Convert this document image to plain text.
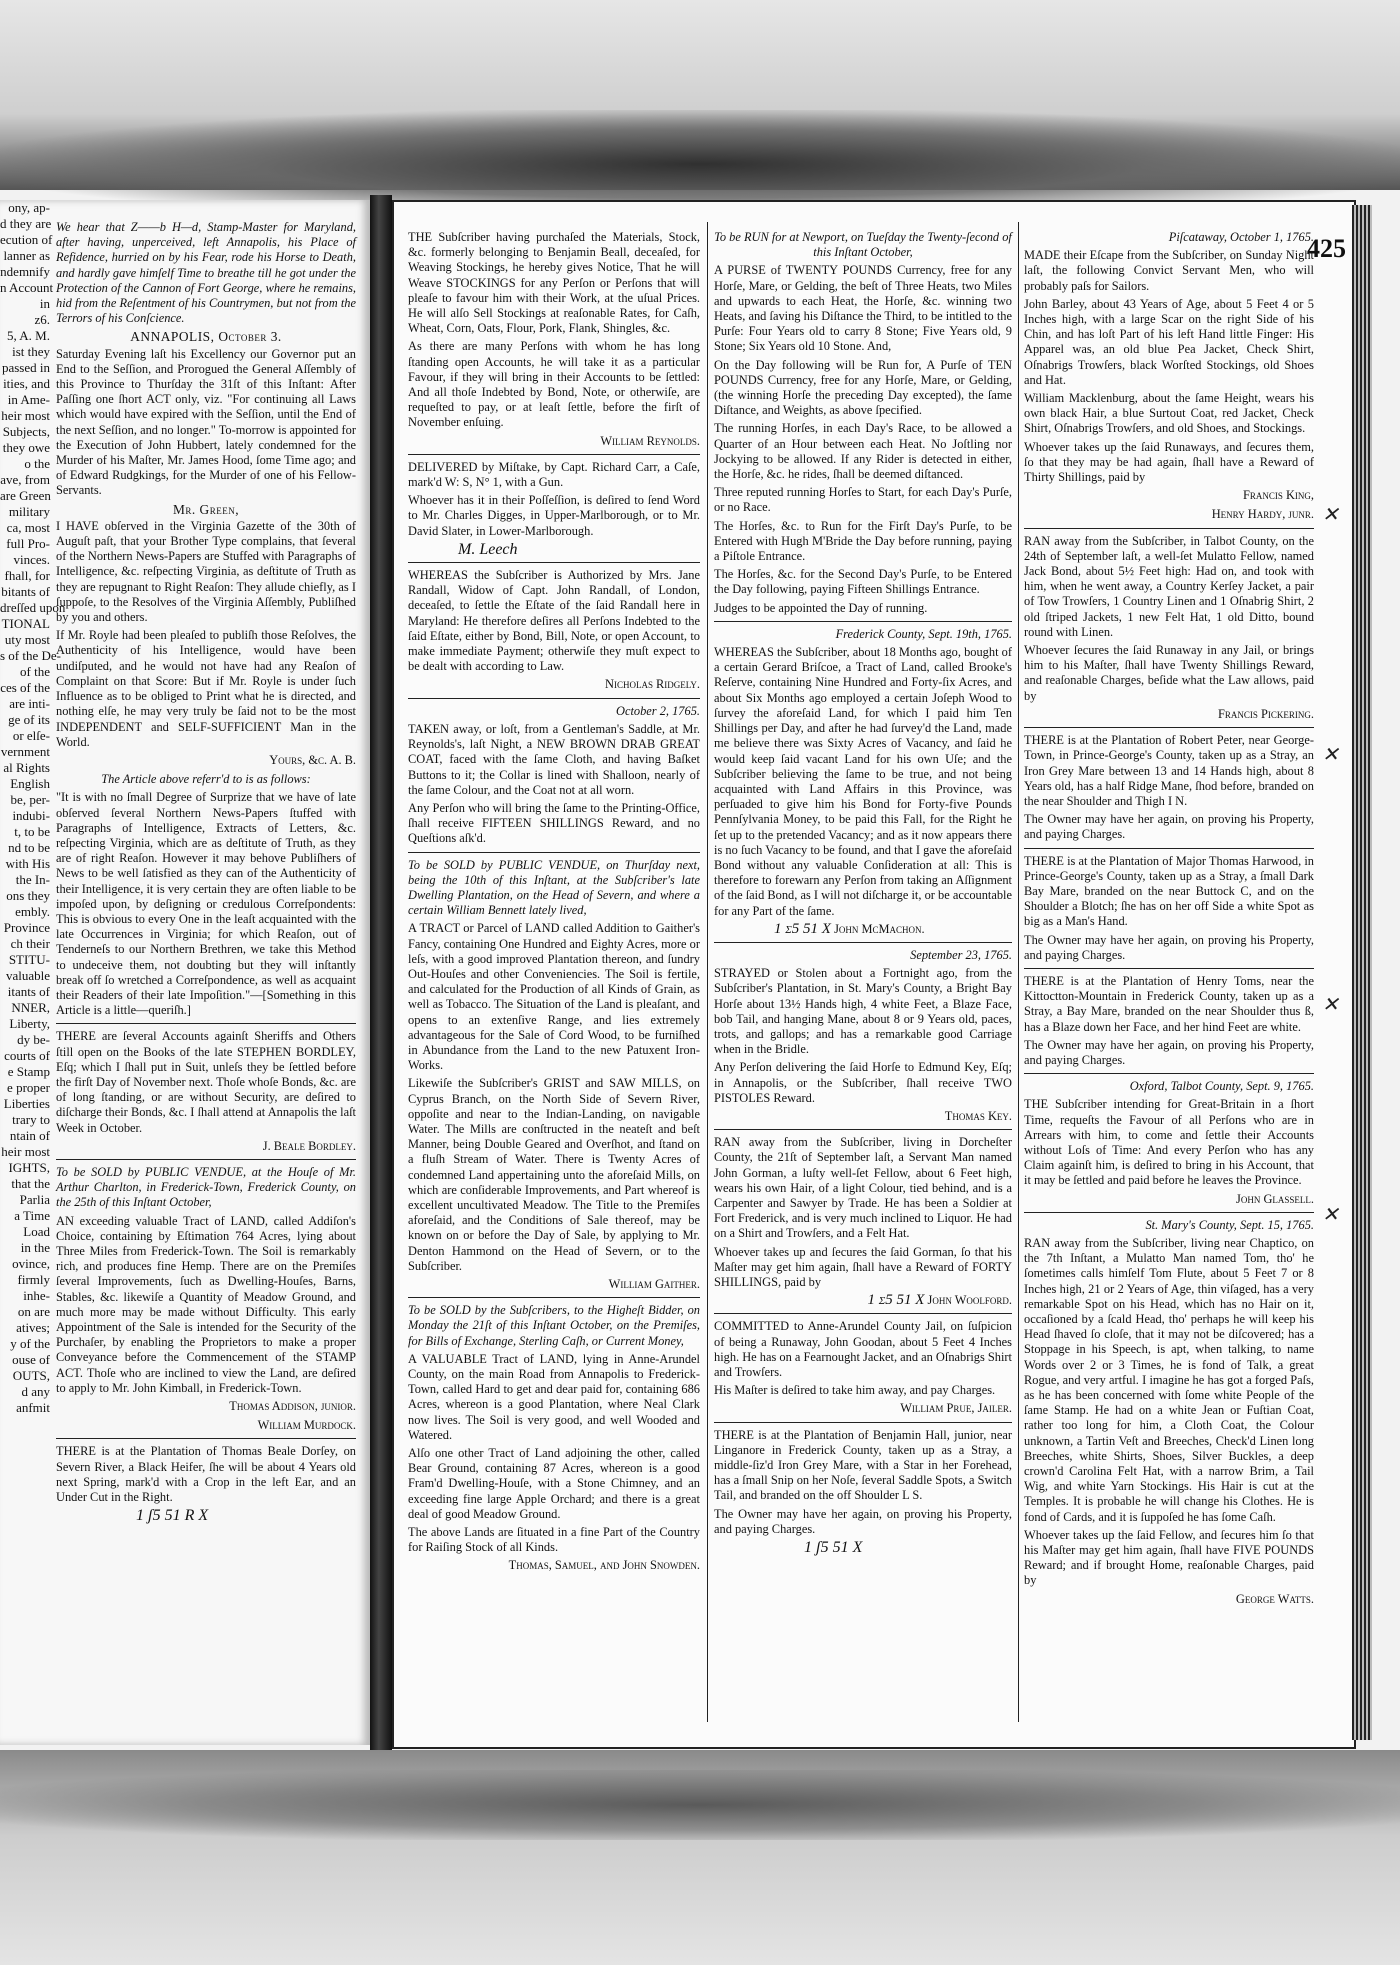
ony, ap-
d they are
ecution of
lanner as
ndemnify
n Account
in
z6.
5, A. M.
ist they
passed in
ities, and
in Ame-
heir most
Subjects,
they owe
o the
ave, from
are Green
military
ca, most
full Pro-
vinces.
fhall, for
bitants of
dreſſed upon
TIONAL
uty most
s of the De-
of the
ces of the
are inti-
ge of its
or elſe-
vernment
al Rights
English
be, per-
indubi-
t, to be
nd to be
with His
the In-
ons they
embly.
Province
ch their
STITU-
valuable
itants of
NNER,
Liberty,
dy be-
courts of
e Stamp
e proper
Liberties
trary to
ntain of
heir most
IGHTS,
that the
Parlia
a Time
Load
in the
ovince,
firmly
inhe-
on are
atives;
y of the
ouse of
OUTS,
d any
anfmit

We hear that Z——b H—d, Stamp-Master for Maryland, after having, unperceived, left Annapolis, his Place of Refidence, hurried on by his Fear, rode his Horse to Death, and hardly gave himſelf Time to breathe till he got under the Protection of the Cannon of Fort George, where he remains, hid from the Reſentment of his Countrymen, but not from the Terrors of his Conſcience.

ANNAPOLIS, October 3.

Saturday Evening laſt his Excellency our Governor put an End to the Seſſion, and Prorogued the General Aſſembly of this Province to Thurſday the 31ſt of this Inſtant: After Paſſing one ſhort ACT only, viz. "For continuing all Laws which would have expired with the Seſſion, until the End of the next Seſſion, and no longer." To-morrow is appointed for the Execution of John Hubbert, lately condemned for the Murder of his Maſter, Mr. James Hood, ſome Time ago; and of Edward Rudgkings, for the Murder of one of his Fellow-Servants.

Mr. Green,

I HAVE obſerved in the Virginia Gazette of the 30th of Auguſt paſt, that your Brother Type complains, that ſeveral of the Northern News-Papers are Stuffed with Paragraphs of Intelligence, &c. reſpecting Virginia, as deſtitute of Truth as they are repugnant to Right Reaſon: They allude chiefly, as I ſuppoſe, to the Resolves of the Virginia Aſſembly, Publiſhed by you and others.

If Mr. Royle had been pleaſed to publiſh those Reſolves, the Authenticity of his Intelligence, would have been undiſputed, and he would not have had any Reaſon of Complaint on that Score: But if Mr. Royle is under ſuch Influence as to be obliged to Print what he is directed, and nothing elſe, he may very truly be ſaid not to be the most INDEPENDENT and SELF-SUFFICIENT Man in the World.

Yours, &c. A. B.

The Article above referr'd to is as follows:

"It is with no ſmall Degree of Surprize that we have of late obſerved ſeveral Northern News-Papers ſtuffed with Paragraphs of Intelligence, Extracts of Letters, &c. reſpecting Virginia, which are as deſtitute of Truth, as they are of right Reaſon. However it may behove Publiſhers of News to be well ſatisfied as they can of the Authenticity of their Intelligence, it is very certain they are often liable to be impoſed upon, by deſigning or credulous Correſpondents: This is obvious to every One in the leaſt acquainted with the late Occurrences in Virginia; for which Reaſon, out of Tenderneſs to our Northern Brethren, we take this Method to undeceive them, not doubting but they will inſtantly break off ſo wretched a Correſpondence, as well as acquaint their Readers of their late Impoſition."—[Something in this Article is a little—queriſh.]

THERE are ſeveral Accounts againſt Sheriffs and Others ſtill open on the Books of the late STEPHEN BORDLEY, Eſq; which I ſhall put in Suit, unleſs they be ſettled before the firſt Day of November next. Thoſe whoſe Bonds, &c. are of long ſtanding, or are without Security, are deſired to diſcharge their Bonds, &c. I ſhall attend at Annapolis the laſt Week in October.

J. Beale Bordley.

To be SOLD by PUBLIC VENDUE, at the Houſe of Mr. Arthur Charlton, in Frederick-Town, Frederick County, on the 25th of this Inſtant October,

AN exceeding valuable Tract of LAND, called Addiſon's Choice, containing by Eſtimation 764 Acres, lying about Three Miles from Frederick-Town. The Soil is remarkably rich, and produces fine Hemp. There are on the Premiſes ſeveral Improvements, ſuch as Dwelling-Houſes, Barns, Stables, &c. likewiſe a Quantity of Meadow Ground, and much more may be made without Difficulty. This early Appointment of the Sale is intended for the Security of the Purchaſer, by enabling the Proprietors to make a proper Conveyance before the Commencement of the STAMP ACT. Thoſe who are inclined to view the Land, are deſired to apply to Mr. John Kimball, in Frederick-Town.

Thomas Addison, junior.

William Murdock.

THERE is at the Plantation of Thomas Beale Dorſey, on Severn River, a Black Heifer, ſhe will be about 4 Years old next Spring, mark'd with a Crop in the left Ear, and an Under Cut in the Right.

1 ʃ5 51 R X

425

THE Subſcriber having purchaſed the Materials, Stock, &c. formerly belonging to Benjamin Beall, deceaſed, for Weaving Stockings, he hereby gives Notice, That he will Weave STOCKINGS for any Perſon or Perſons that will pleaſe to favour him with their Work, at the uſual Prices. He will alſo Sell Stockings at reaſonable Rates, for Caſh, Wheat, Corn, Oats, Flour, Pork, Flank, Shingles, &c.

As there are many Perſons with whom he has long ſtanding open Accounts, he will take it as a particular Favour, if they will bring in their Accounts to be ſettled: And all thoſe Indebted by Bond, Note, or otherwiſe, are requeſted to pay, or at leaſt ſettle, before the firſt of November enſuing.

William Reynolds.

DELIVERED by Miſtake, by Capt. Richard Carr, a Caſe, mark'd W: S, N° 1, with a Gun.

Whoever has it in their Poſſeſſion, is deſired to ſend Word to Mr. Charles Digges, in Upper-Marlborough, or to Mr. David Slater, in Lower-Marlborough.

M. Leech

WHEREAS the Subſcriber is Authorized by Mrs. Jane Randall, Widow of Capt. John Randall, of London, deceaſed, to ſettle the Eſtate of the ſaid Randall here in Maryland: He therefore deſires all Perſons Indebted to the ſaid Eſtate, either by Bond, Bill, Note, or open Account, to make immediate Payment; otherwiſe they muſt expect to be dealt with according to Law.

Nicholas Ridgely.

October 2, 1765.

TAKEN away, or loſt, from a Gentleman's Saddle, at Mr. Reynolds's, laſt Night, a NEW BROWN DRAB GREAT COAT, faced with the ſame Cloth, and having Baſket Buttons to it; the Collar is lined with Shalloon, nearly of the ſame Colour, and the Coat not at all worn.

Any Perſon who will bring the ſame to the Printing-Office, ſhall receive FIFTEEN SHILLINGS Reward, and no Queſtions aſk'd.

To be SOLD by PUBLIC VENDUE, on Thurſday next, being the 10th of this Inſtant, at the Subſcriber's late Dwelling Plantation, on the Head of Severn, and where a certain William Bennett lately lived,

A TRACT or Parcel of LAND called Addition to Gaither's Fancy, containing One Hundred and Eighty Acres, more or leſs, with a good improved Plantation thereon, and ſundry Out-Houſes and other Conveniencies. The Soil is fertile, and calculated for the Production of all Kinds of Grain, as well as Tobacco. The Situation of the Land is pleaſant, and opens to an extenſive Range, and lies extremely advantageous for the Sale of Cord Wood, to be furniſhed in Abundance from the Land to the new Patuxent Iron-Works.

Likewiſe the Subſcriber's GRIST and SAW MILLS, on Cyprus Branch, on the North Side of Severn River, oppoſite and near to the Indian-Landing, on navigable Water. The Mills are conſtructed in the neateſt and beſt Manner, being Double Geared and Overſhot, and ſtand on a fluſh Stream of Water. There is Twenty Acres of condemned Land appertaining unto the aforeſaid Mills, on which are conſiderable Improvements, and Part whereof is excellent uncultivated Meadow. The Title to the Premiſes aforeſaid, and the Conditions of Sale thereof, may be known on or before the Day of Sale, by applying to Mr. Denton Hammond on the Head of Severn, or to the Subſcriber.

William Gaither.

To be SOLD by the Subſcribers, to the Higheſt Bidder, on Monday the 21ſt of this Inſtant October, on the Premiſes, for Bills of Exchange, Sterling Caſh, or Current Money,

A VALUABLE Tract of LAND, lying in Anne-Arundel County, on the main Road from Annapolis to Frederick-Town, called Hard to get and dear paid for, containing 686 Acres, whereon is a good Plantation, where Neal Clark now lives. The Soil is very good, and well Wooded and Watered.

Alſo one other Tract of Land adjoining the other, called Bear Ground, containing 87 Acres, whereon is a good Fram'd Dwelling-Houſe, with a Stone Chimney, and an exceeding fine large Apple Orchard; and there is a great deal of good Meadow Ground.

The above Lands are ſituated in a fine Part of the Country for Raiſing Stock of all Kinds.

Thomas, Samuel, and John Snowden.

To be RUN for at Newport, on Tueſday the Twenty-ſecond of this Inſtant October,

A PURSE of TWENTY POUNDS Currency, free for any Horſe, Mare, or Gelding, the beſt of Three Heats, two Miles and upwards to each Heat, the Horſe, &c. winning two Heats, and ſaving his Diſtance the Third, to be intitled to the Purſe: Four Years old to carry 8 Stone; Five Years old, 9 Stone; Six Years old 10 Stone. And,

On the Day following will be Run for, A Purſe of TEN POUNDS Currency, free for any Horſe, Mare, or Gelding, (the winning Horſe the preceding Day excepted), the ſame Diſtance, and Weights, as above ſpecified.

The running Horſes, in each Day's Race, to be allowed a Quarter of an Hour between each Heat. No Joſtling nor Jockying to be allowed. If any Rider is detected in either, the Horſe, &c. he rides, ſhall be deemed diſtanced.

Three reputed running Horſes to Start, for each Day's Purſe, or no Race.

The Horſes, &c. to Run for the Firſt Day's Purſe, to be Entered with Hugh M'Bride the Day before running, paying a Piſtole Entrance.

The Horſes, &c. for the Second Day's Purſe, to be Entered the Day following, paying Fifteen Shillings Entrance.

Judges to be appointed the Day of running.

Frederick County, Sept. 19th, 1765.

WHEREAS the Subſcriber, about 18 Months ago, bought of a certain Gerard Briſcoe, a Tract of Land, called Brooke's Reſerve, containing Nine Hundred and Forty-ſix Acres, and about Six Months ago employed a certain Joſeph Wood to ſurvey the aforeſaid Land, for which I paid him Ten Shillings per Day, and after he had ſurvey'd the Land, made me believe there was Sixty Acres of Vacancy, and ſaid he would keep ſaid vacant Land for his own Uſe; and the Subſcriber believing the ſame to be true, and not being acquainted with Land Affairs in this Province, was perſuaded to give him his Bond for Forty-five Pounds Pennſylvania Money, to be paid this Fall, for the Right he ſet up to the pretended Vacancy; and as it now appears there is no ſuch Vacancy to be found, and that I gave the aforeſaid Bond without any valuable Conſideration at all: This is therefore to forewarn any Perſon from taking an Aſſignment of the ſaid Bond, as I will not diſcharge it, or be accountable for any Part of the ſame.

1 ʃ5 51 X John McMachon.

September 23, 1765.

STRAYED or Stolen about a Fortnight ago, from the Subſcriber's Plantation, in St. Mary's County, a Bright Bay Horſe about 13½ Hands high, 4 white Feet, a Blaze Face, bob Tail, and hanging Mane, about 8 or 9 Years old, paces, trots, and gallops; and has a remarkable good Carriage when in the Bridle.

Any Perſon delivering the ſaid Horſe to Edmund Key, Eſq; in Annapolis, or the Subſcriber, ſhall receive TWO PISTOLES Reward.

Thomas Key.

RAN away from the Subſcriber, living in Dorcheſter County, the 21ſt of September laſt, a Servant Man named John Gorman, a luſty well-ſet Fellow, about 6 Feet high, wears his own Hair, of a light Colour, tied behind, and is a Carpenter and Sawyer by Trade. He has been a Soldier at Fort Frederick, and is very much inclined to Liquor. He had on a Shirt and Trowſers, and a Felt Hat.

Whoever takes up and ſecures the ſaid Gorman, ſo that his Maſter may get him again, ſhall have a Reward of FORTY SHILLINGS, paid by

1 ʃ5 51 X John Woolford.

COMMITTED to Anne-Arundel County Jail, on ſuſpicion of being a Runaway, John Goodan, about 5 Feet 4 Inches high. He has on a Fearnought Jacket, and an Oſnabrigs Shirt and Trowſers.

His Maſter is deſired to take him away, and pay Charges.

William Prue, Jailer.

THERE is at the Plantation of Benjamin Hall, junior, near Linganore in Frederick County, taken up as a Stray, a middle-ſiz'd Iron Grey Mare, with a Star in her Forehead, has a ſmall Snip on her Noſe, ſeveral Saddle Spots, a Switch Tail, and branded on the off Shoulder L S.

The Owner may have her again, on proving his Property, and paying Charges.

1 ʃ5 51 X

Piſcataway, October 1, 1765.

MADE their Eſcape from the Subſcriber, on Sunday Night laſt, the following Convict Servant Men, who will probably paſs for Sailors.

John Barley, about 43 Years of Age, about 5 Feet 4 or 5 Inches high, with a large Scar on the right Side of his Chin, and has loſt Part of his left Hand little Finger: His Apparel was, an old blue Pea Jacket, Check Shirt, Oſnabrigs Trowſers, black Worſted Stockings, old Shoes and Hat.

William Macklenburg, about the ſame Height, wears his own black Hair, a blue Surtout Coat, red Jacket, Check Shirt, Oſnabrigs Trowſers, and old Shoes, and Stockings.

Whoever takes up the ſaid Runaways, and ſecures them, ſo that they may be had again, ſhall have a Reward of Thirty Shillings, paid by

Francis King,

Henry Hardy, junr.

RAN away from the Subſcriber, in Talbot County, on the 24th of September laſt, a well-ſet Mulatto Fellow, named Jack Bond, about 5½ Feet high: Had on, and took with him, when he went away, a Country Kerſey Jacket, a pair of Tow Trowſers, 1 Country Linen and 1 Oſnabrig Shirt, 2 old ſtriped Jackets, 1 new Felt Hat, 1 old Ditto, bound round with Linen.

Whoever ſecures the ſaid Runaway in any Jail, or brings him to his Maſter, ſhall have Twenty Shillings Reward, and reaſonable Charges, beſide what the Law allows, paid by

Francis Pickering.

THERE is at the Plantation of Robert Peter, near George-Town, in Prince-George's County, taken up as a Stray, an Iron Grey Mare between 13 and 14 Hands high, about 8 Years old, has a half Ridge Mane, ſhod before, branded on the near Shoulder and Thigh I N.

The Owner may have her again, on proving his Property, and paying Charges.

THERE is at the Plantation of Major Thomas Harwood, in Prince-George's County, taken up as a Stray, a ſmall Dark Bay Mare, branded on the near Buttock C, and on the Shoulder a Blotch; ſhe has on her off Side a white Spot as big as a Man's Hand.

The Owner may have her again, on proving his Property, and paying Charges.

THERE is at the Plantation of Henry Toms, near the Kittoctton-Mountain in Frederick County, taken up as a Stray, a Bay Mare, branded on the near Shoulder thus ß, has a Blaze down her Face, and her hind Feet are white.

The Owner may have her again, on proving his Property, and paying Charges.

Oxford, Talbot County, Sept. 9, 1765.

THE Subſcriber intending for Great-Britain in a ſhort Time, requeſts the Favour of all Perſons who are in Arrears with him, to come and ſettle their Accounts without Loſs of Time: And every Perſon who has any Claim againſt him, is deſired to bring in his Account, that it may be ſettled and paid before he leaves the Province.

John Glassell.

St. Mary's County, Sept. 15, 1765.

RAN away from the Subſcriber, living near Chaptico, on the 7th Inſtant, a Mulatto Man named Tom, tho' he ſometimes calls himſelf Tom Flute, about 5 Feet 7 or 8 Inches high, 21 or 2 Years of Age, thin viſaged, has a very remarkable Spot on his Head, which has no Hair on it, occaſioned by a ſcald Head, tho' perhaps he will keep his Head ſhaved ſo cloſe, that it may not be diſcovered; has a Stoppage in his Speech, is apt, when talking, to name Words over 2 or 3 Times, he is fond of Talk, a great Rogue, and very artful. I imagine he has got a forged Paſs, as he has been concerned with ſome white People of the ſame Stamp. He had on a white Jean or Fuſtian Coat, rather too long for him, a Cloth Coat, the Colour unknown, a Tartin Veſt and Breeches, Check'd Linen long Breeches, white Shirts, Shoes, Silver Buckles, a deep crown'd Carolina Felt Hat, with a narrow Brim, a Tail Wig, and white Yarn Stockings. His Hair is cut at the Temples. It is probable he will change his Clothes. He is fond of Cards, and it is ſuppoſed he has ſome Caſh.

Whoever takes up the ſaid Fellow, and ſecures him ſo that his Maſter may get him again, ſhall have FIVE POUNDS Reward; and if brought Home, reaſonable Charges, paid by

George Watts.

✕
✕
✕
✕
